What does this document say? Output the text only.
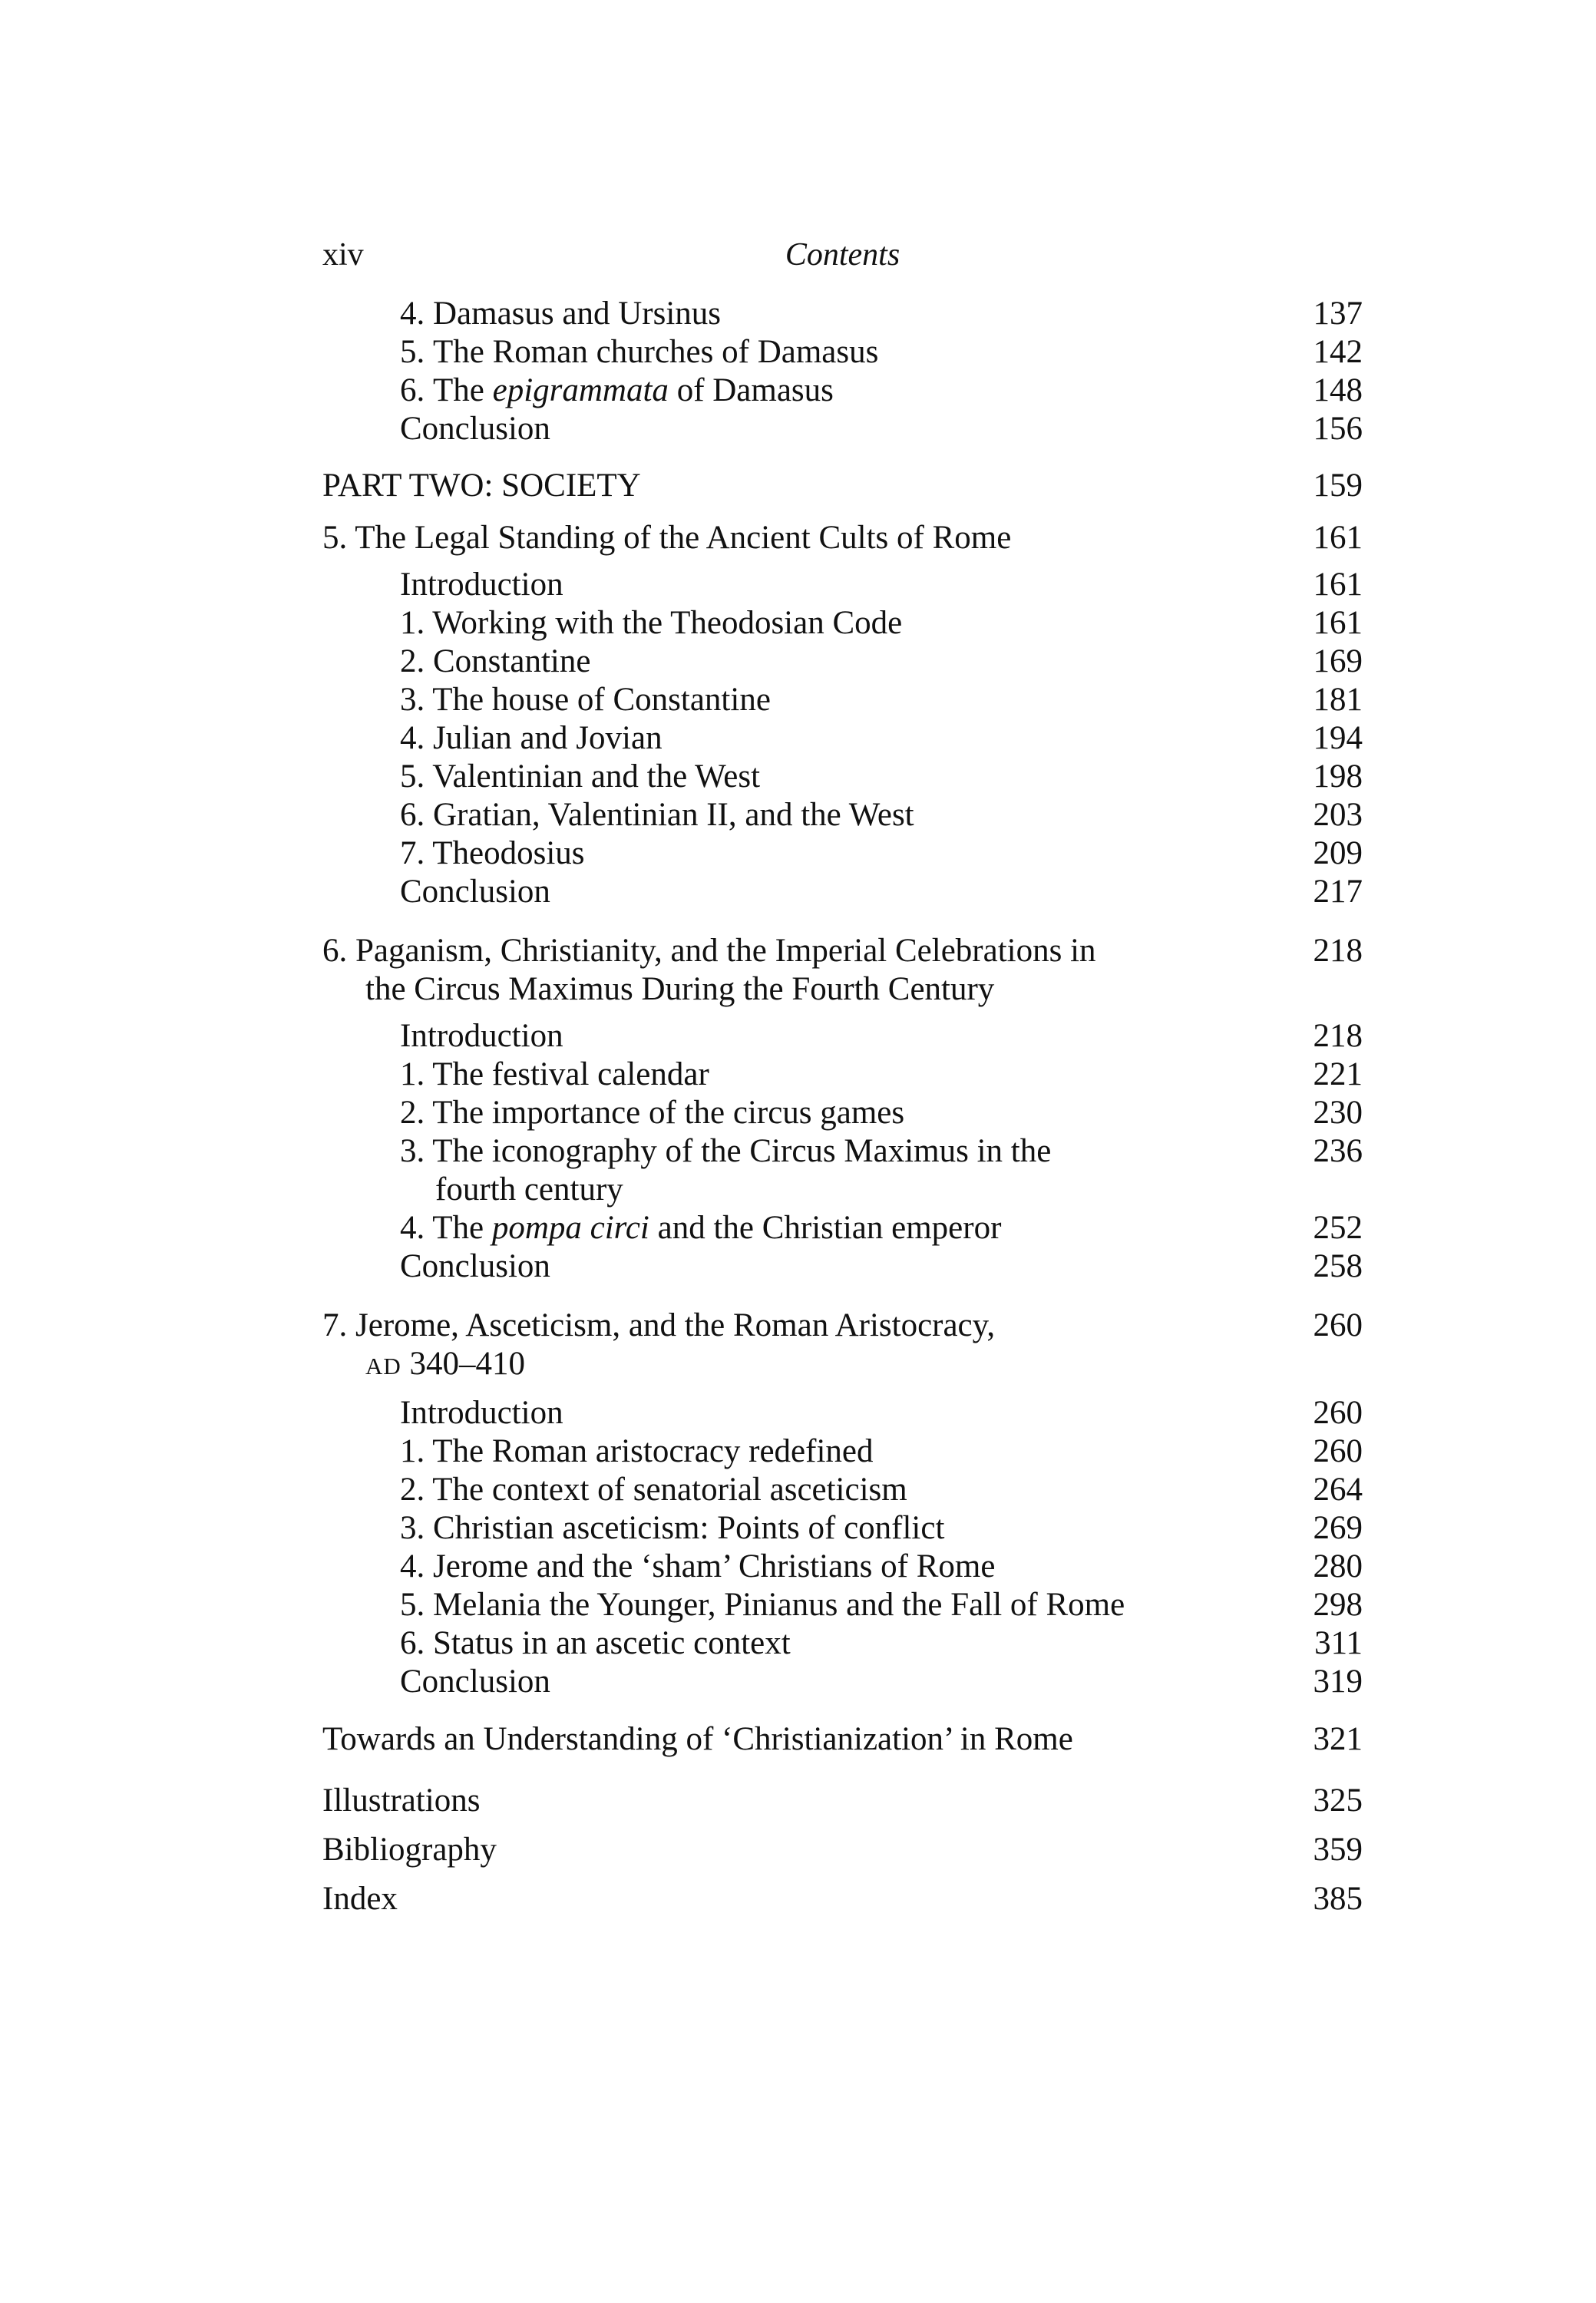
xiv	Contents
4. Damasus and Ursinus	137
5. The Roman churches of Damasus	142
6. The epigrammata of Damasus	148
Conclusion	156
PART TWO: SOCIETY	159
5. The Legal Standing of the Ancient Cults of Rome	161
Introduction	161
1. Working with the Theodosian Code	161
2. Constantine	169
3. The house of Constantine	181
4. Julian and Jovian	194
5. Valentinian and the West	198
6. Gratian, Valentinian II, and the West	203
7. Theodosius	209
Conclusion	217
6. Paganism, Christianity, and the Imperial Celebrations in
the Circus Maximus During the Fourth Century
218
Introduction	218
1. The festival calendar	221
2. The importance of the circus games	230
3. The iconography of the Circus Maximus in the
fourth century
236
4. The pompa circi and the Christian emperor	252
Conclusion	258
7. Jerome, Asceticism, and the Roman Aristocracy,
AD 340–410
260
Introduction	260
1. The Roman aristocracy redefined	260
2. The context of senatorial asceticism	264
3. Christian asceticism: Points of conflict	269
4. Jerome and the ‘sham’ Christians of Rome	280
5. Melania the Younger, Pinianus and the Fall of Rome	298
6. Status in an ascetic context	311
Conclusion	319
Towards an Understanding of ‘Christianization’ in Rome	321
Illustrations	325
Bibliography	359
Index	385
